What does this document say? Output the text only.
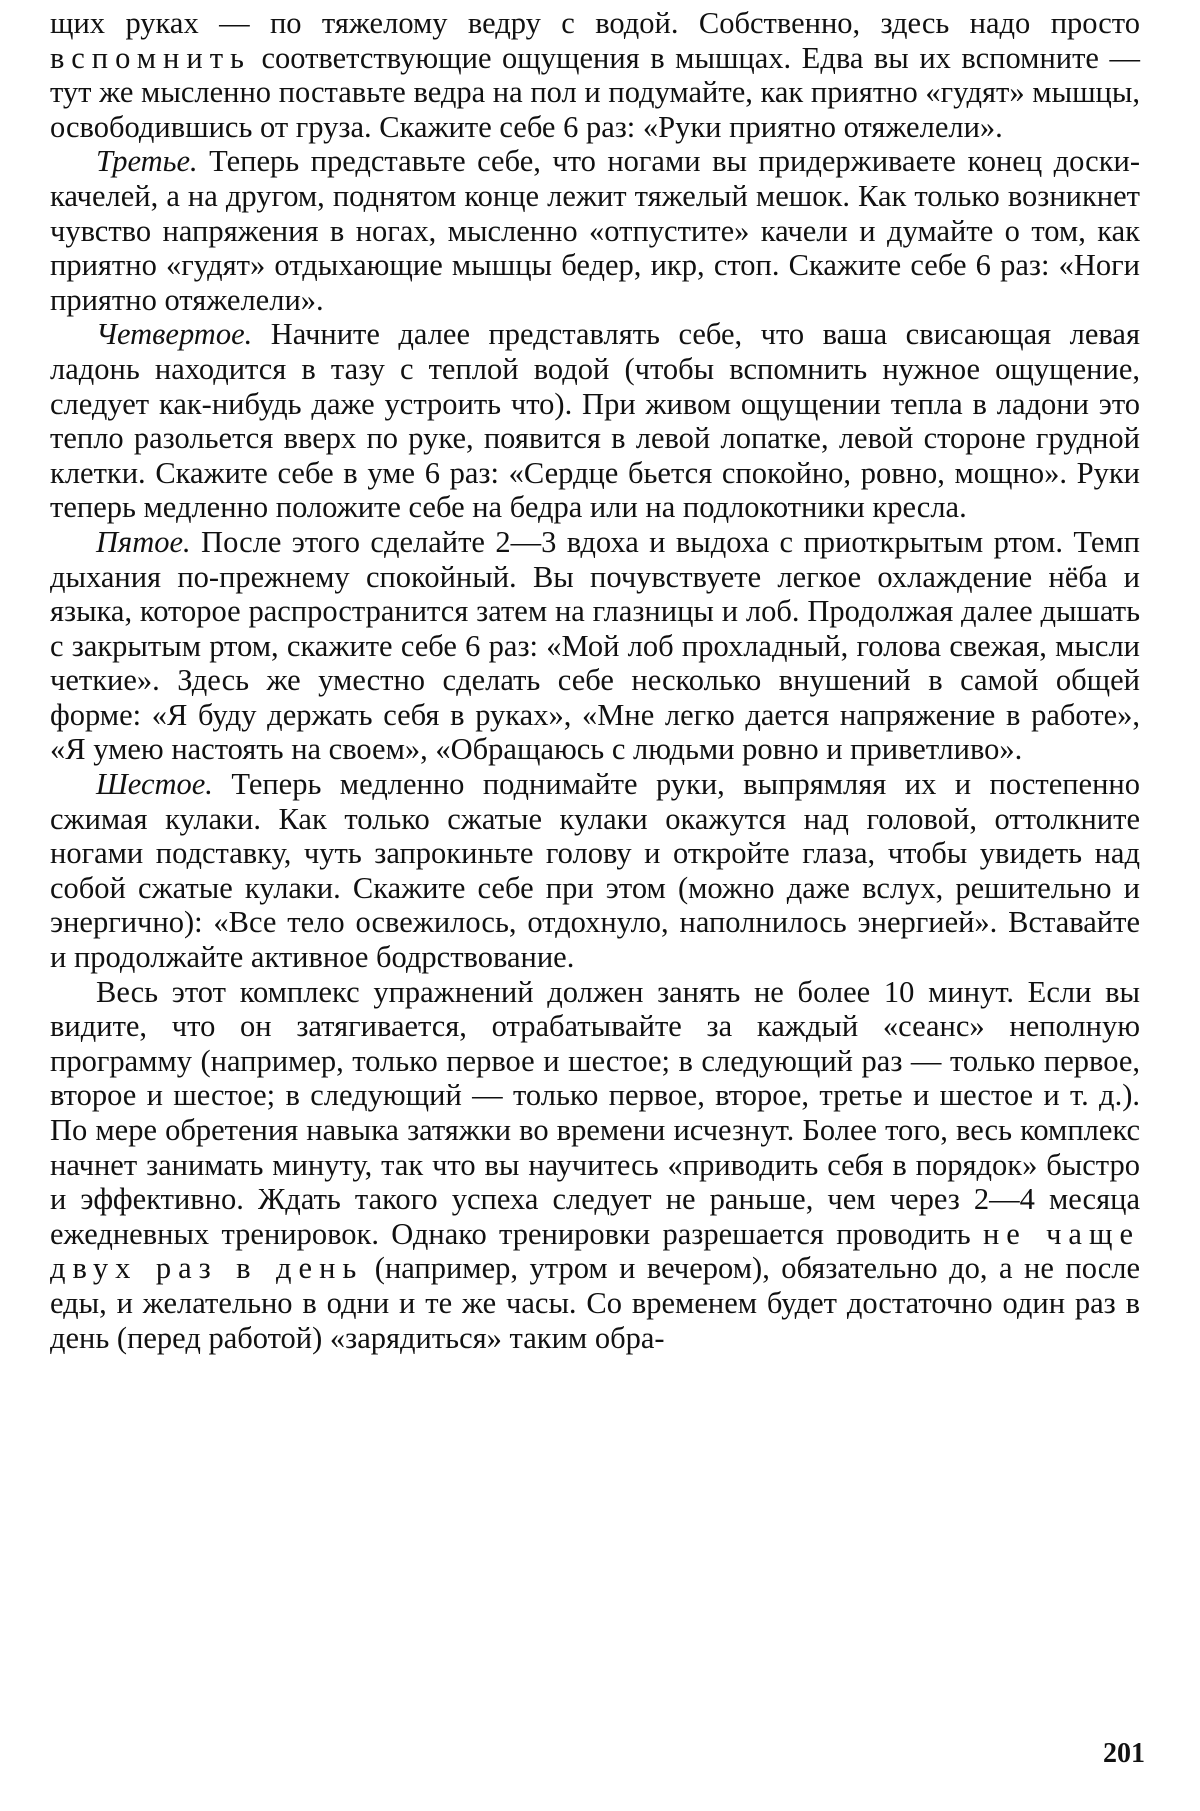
щих руках — по тяжелому ведру с водой. Собственно, здесь надо просто вспомнить соответствующие ощущения в мышцах. Едва вы их вспомните — тут же мысленно поставьте ведра на пол и подумайте, как приятно «гудят» мышцы, освободившись от груза. Скажите себе 6 раз: «Руки приятно отяжелели».

Третье. Теперь представьте себе, что ногами вы придерживаете конец доски-качелей, а на другом, поднятом конце лежит тяжелый мешок. Как только возникнет чувство напряжения в ногах, мысленно «отпустите» качели и думайте о том, как приятно «гудят» отдыхающие мышцы бедер, икр, стоп. Скажите себе 6 раз: «Ноги приятно отяжелели».

Четвертое. Начните далее представлять себе, что ваша свисающая левая ладонь находится в тазу с теплой водой (чтобы вспомнить нужное ощущение, следует как-нибудь даже устроить что). При живом ощущении тепла в ладони это тепло разольется вверх по руке, появится в левой лопатке, левой стороне грудной клетки. Скажите себе в уме 6 раз: «Сердце бьется спокойно, ровно, мощно». Руки теперь медленно положите себе на бедра или на подлокотники кресла.

Пятое. После этого сделайте 2—3 вдоха и выдоха с приоткрытым ртом. Темп дыхания по-прежнему спокойный. Вы почувствуете легкое охлаждение нёба и языка, которое распространится затем на глазницы и лоб. Продолжая далее дышать с закрытым ртом, скажите себе 6 раз: «Мой лоб прохладный, голова свежая, мысли четкие». Здесь же уместно сделать себе несколько внушений в самой общей форме: «Я буду держать себя в руках», «Мне легко дается напряжение в работе», «Я умею настоять на своем», «Обращаюсь с людьми ровно и приветливо».

Шестое. Теперь медленно поднимайте руки, выпрямляя их и постепенно сжимая кулаки. Как только сжатые кулаки окажутся над головой, оттолкните ногами подставку, чуть запрокиньте голову и откройте глаза, чтобы увидеть над собой сжатые кулаки. Скажите себе при этом (можно даже вслух, решительно и энергично): «Все тело освежилось, отдохнуло, наполнилось энергией». Вставайте и продолжайте активное бодрствование.

Весь этот комплекс упражнений должен занять не более 10 минут. Если вы видите, что он затягивается, отрабатывайте за каждый «сеанс» неполную программу (например, только первое и шестое; в следующий раз — только первое, второе и шестое; в следующий — только первое, второе, третье и шестое и т. д.). По мере обретения навыка затяжки во времени исчезнут. Более того, весь комплекс начнет занимать минуту, так что вы научитесь «приводить себя в порядок» быстро и эффективно. Ждать такого успеха следует не раньше, чем через 2—4 месяца ежедневных тренировок. Однако тренировки разрешается проводить не чаще двух раз в день (например, утром и вечером), обязательно до, а не после еды, и желательно в одни и те же часы. Со временем будет достаточно один раз в день (перед работой) «зарядиться» таким обра-

201
